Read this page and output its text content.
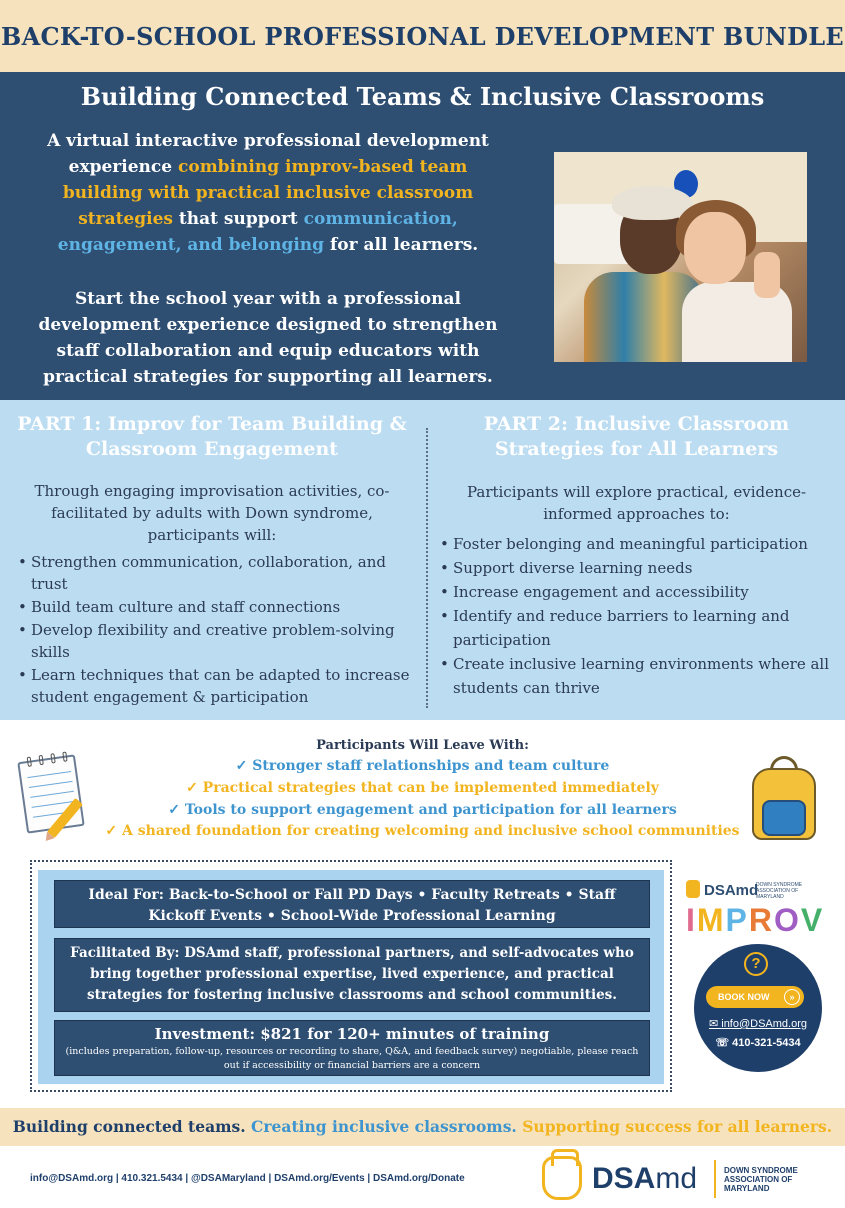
BACK-TO-SCHOOL PROFESSIONAL DEVELOPMENT BUNDLE
Building Connected Teams & Inclusive Classrooms

A virtual interactive professional development experience combining improv-based team building with practical inclusive classroom strategies that support communication, engagement, and belonging for all learners.

Start the school year with a professional development experience designed to strengthen staff collaboration and equip educators with practical strategies for supporting all learners.

PART 1: Improv for Team Building & Classroom Engagement

Through engaging improvisation activities, co-facilitated by adults with Down syndrome, participants will:

• Strengthen communication, collaboration, and trust
• Build team culture and staff connections
• Develop flexibility and creative problem-solving skills
• Learn techniques that can be adapted to increase student engagement & participation
PART 2: Inclusive Classroom Strategies for All Learners

Participants will explore practical, evidence-informed approaches to:

• Foster belonging and meaningful participation
• Support diverse learning needs
• Increase engagement and accessibility
• Identify and reduce barriers to learning and participation
• Create inclusive learning environments where all students can thrive
Participants Will Leave With:
✓ Stronger staff relationships and team culture
✓ Practical strategies that can be implemented immediately
✓ Tools to support engagement and participation for all learners
✓ A shared foundation for creating welcoming and inclusive school communities
Ideal For: Back-to-School or Fall PD Days • Faculty Retreats • Staff Kickoff Events • School-Wide Professional Learning
Facilitated By: DSAmd staff, professional partners, and self-advocates who bring together professional expertise, lived experience, and practical strategies for fostering inclusive classrooms and school communities.
Investment: $821 for 120+ minutes of training
(includes preparation, follow-up, resources or recording to share, Q&A, and feedback survey) negotiable, please reach out if accessibility or financial barriers are a concern
DSAmd
DOWN SYNDROME ASSOCIATION OF MARYLAND
IMPROV
?
BOOK NOW	»
✉ info@DSAmd.org
☏ 410-321-5434
Building connected teams. Creating inclusive classrooms. Supporting success for all learners.
info@DSAmd.org | 410.321.5434 | @DSAMaryland | DSAmd.org/Events | DSAmd.org/Donate	DSAmd	DOWN SYNDROME ASSOCIATION OF MARYLAND
